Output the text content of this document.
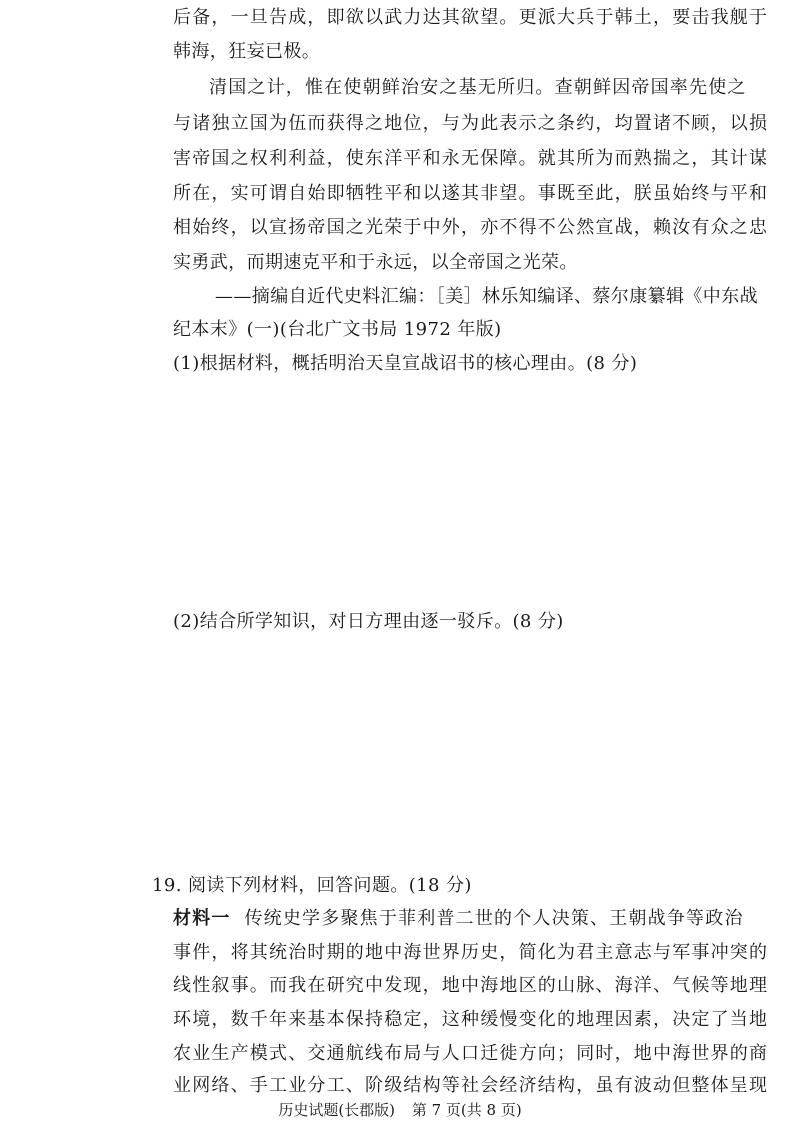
后备，一旦告成，即欲以武力达其欲望。更派大兵于韩土，要击我舰于
韩海，狂妄已极。
清国之计，惟在使朝鲜治安之基无所归。查朝鲜因帝国率先使之
与诸独立国为伍而获得之地位，与为此表示之条约，均置诸不顾，以损
害帝国之权利利益，使东洋平和永无保障。就其所为而熟揣之，其计谋
所在，实可谓自始即牺牲平和以遂其非望。事既至此，朕虽始终与平和
相始终，以宣扬帝国之光荣于中外，亦不得不公然宣战，赖汝有众之忠
实勇武，而期速克平和于永远，以全帝国之光荣。
——摘编自近代史料汇编：［美］林乐知编译、蔡尔康纂辑《中东战
纪本末》(一)(台北广文书局 1972 年版)
(1)根据材料，概括明治天皇宣战诏书的核心理由。(8 分)
(2)结合所学知识，对日方理由逐一驳斥。(8 分)
19. 阅读下列材料，回答问题。(18 分)
材料一 传统史学多聚焦于菲利普二世的个人决策、王朝战争等政治
事件，将其统治时期的地中海世界历史，简化为君主意志与军事冲突的
线性叙事。而我在研究中发现，地中海地区的山脉、海洋、气候等地理
环境，数千年来基本保持稳定，这种缓慢变化的地理因素，决定了当地
农业生产模式、交通航线布局与人口迁徙方向；同时，地中海世界的商
业网络、手工业分工、阶级结构等社会经济结构，虽有波动但整体呈现
历史试题(长郡版) 第 7 页(共 8 页)
